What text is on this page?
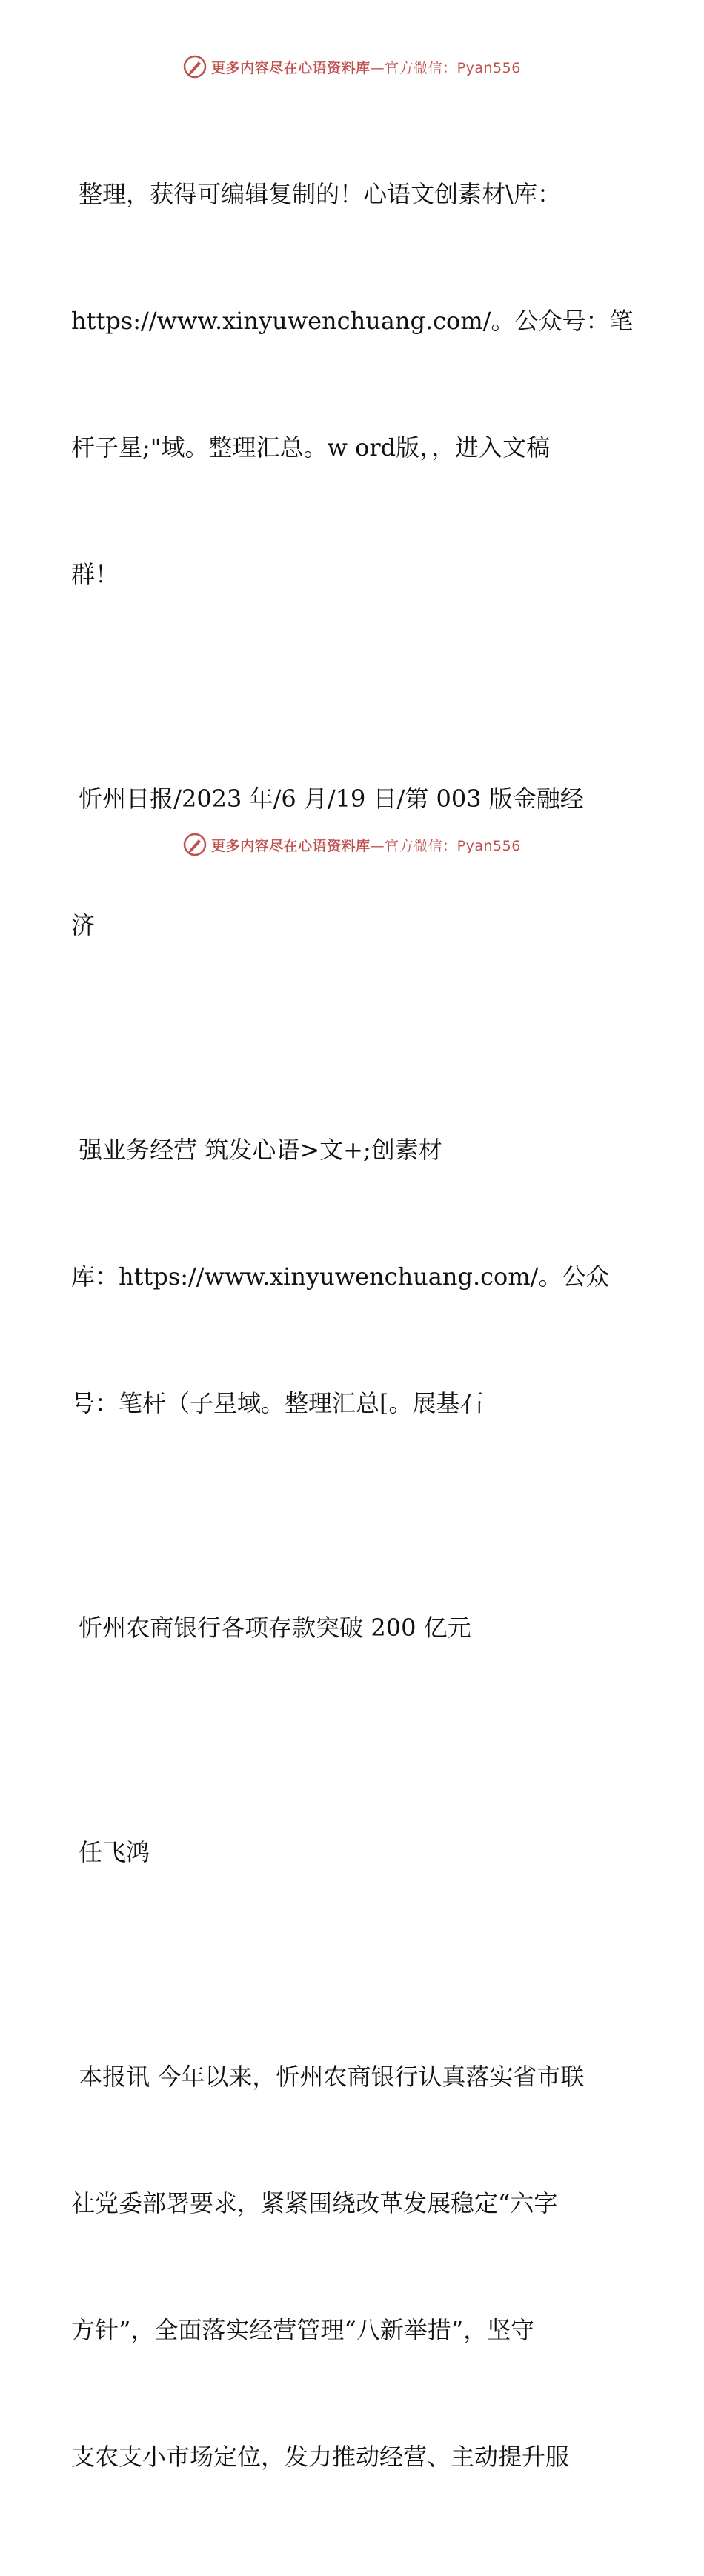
更多内容尽在心语资料库—官方微信：Pyan556

整理，获得可编辑复制的！心语文创素材\库：

https://www.xinyuwenchuang.com/。公众号：笔

杆子星;"域。整理汇总。w ord版，，进入文稿

群！

忻州日报/2023 年/6 月/19 日/第 003 版金融经

济

强业务经营 筑发心语>文+;创素材

库：https://www.xinyuwenchuang.com/。公众

号：笔杆（子星域。整理汇总[。展基石

忻州农商银行各项存款突破 200 亿元

任飞鸿

本报讯 今年以来，忻州农商银行认真落实省市联

社党委部署要求，紧紧围绕改革发展稳定“六字

方针”，全面落实经营管理“八新举措”，坚守

支农支小市场定位，发力推动经营、主动提升服

更多内容尽在心语资料库—官方微信：Pyan556
